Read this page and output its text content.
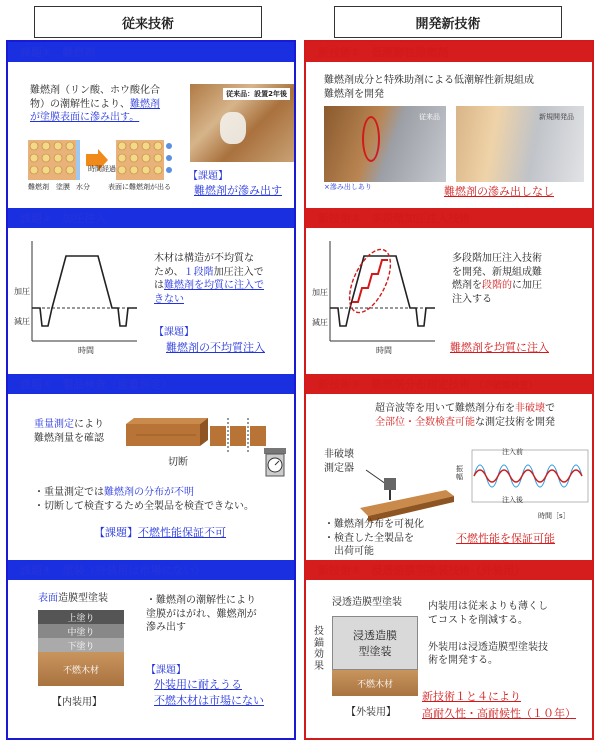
従来技術	開発新技術
課題①　難燃剤
難燃剤（リン酸、ホウ酸化合
物）の潮解性により、難燃剤
が塗膜表面に滲み出す。
時間経過
難燃剤 塗膜 水分	表面に難燃剤が出る
従来品：設置2年後
【課題】
難燃剤が滲み出す
課題②　加圧注入
加圧
減圧
時間
木材は構造が不均質な
ため、１段階加圧注入で
は難燃剤を均質に注入で
きない
【課題】
難燃剤の不均質注入
課題③　製品検査（重量測定）
重量測定により
難燃剤量を確認
切断
・重量測定では難燃剤の分布が不明
・切断して検査するため全製品を検査できない。
【課題】不燃性能保証不可
課題④　塗装（外装用は市場にない）
表面造膜型塗装
上塗り
中塗り
下塗り
不燃木材
【内装用】
・難燃剤の潮解性により
塗膜がはがれ、難燃剤が
滲み出す
【課題】
外装用に耐えうる
不燃木材は市場にない
新技術①　低潮解性難燃剤
難燃剤成分と特殊助剤による低潮解性新規組成
難燃剤を開発
従来品
×滲み出しあり
新規開発品
難燃剤の滲み出しなし
新技術②　多段階加圧注入技術
加圧
減圧
時間
多段階加圧注入技術
を開発、新規組成難
燃剤を段階的に加圧
注入する
難燃剤を均質に注入
新技術③　難燃剤分布測定技術 （非破壊検査）
超音波等を用いて難燃剤分布を非破壊で
全部位・全数検査可能な測定技術を開発
非破壊
測定器
注入前
注入後
時間［s］
振幅
・難燃剤分布を可視化
・検査した全製品を
出荷可能
不燃性能を保証可能
新技術④　浸透造膜型塗装技術（外装用）
浸透造膜型塗装
投
錨
効
果
浸透造膜
型塗装
不燃木材
【外装用】
内装用は従来よりも薄くし
てコストを削減する。

外装用は浸透造膜型塗装技
術を開発する。
新技術１と４により
高耐久性・高耐候性（１０年）
